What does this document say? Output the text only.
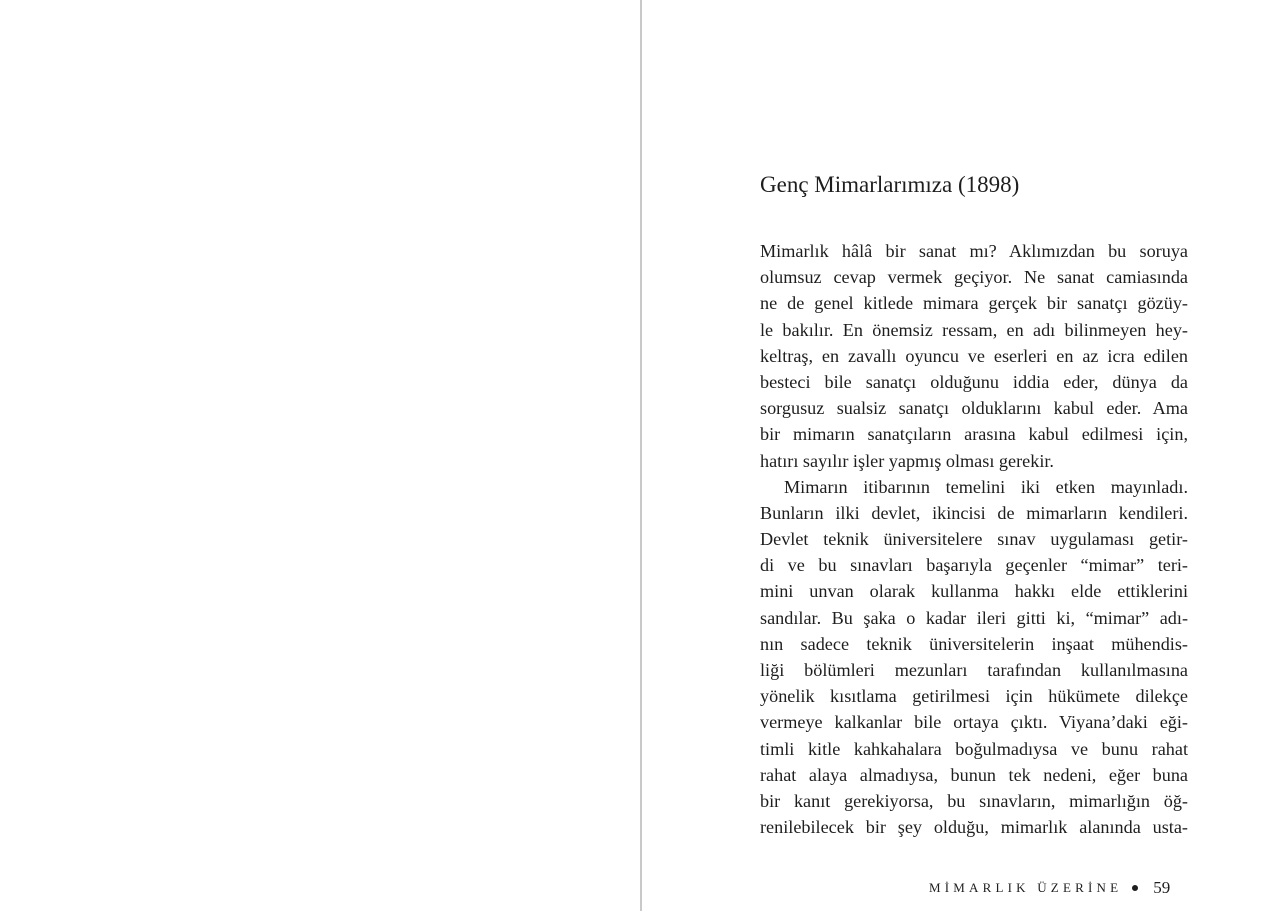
Genç Mimarlarımıza (1898)
Mimarlık hâlâ bir sanat mı? Aklımızdan bu soruya
olumsuz cevap vermek geçiyor. Ne sanat camiasında
ne de genel kitlede mimara gerçek bir sanatçı gözüy-
le bakılır. En önemsiz ressam, en adı bilinmeyen hey-
keltraş, en zavallı oyuncu ve eserleri en az icra edilen
besteci bile sanatçı olduğunu iddia eder, dünya da
sorgusuz sualsiz sanatçı olduklarını kabul eder. Ama
bir mimarın sanatçıların arasına kabul edilmesi için,
hatırı sayılır işler yapmış olması gerekir.
Mimarın itibarının temelini iki etken mayınladı.
Bunların ilki devlet, ikincisi de mimarların kendileri.
Devlet teknik üniversitelere sınav uygulaması getir-
di ve bu sınavları başarıyla geçenler “mimar” teri-
mini unvan olarak kullanma hakkı elde ettiklerini
sandılar. Bu şaka o kadar ileri gitti ki, “mimar” adı-
nın sadece teknik üniversitelerin inşaat mühendis-
liği bölümleri mezunları tarafından kullanılmasına
yönelik kısıtlama getirilmesi için hükümete dilekçe
vermeye kalkanlar bile ortaya çıktı. Viyana’daki eği-
timli kitle kahkahalara boğulmadıysa ve bunu rahat
rahat alaya almadıysa, bunun tek nedeni, eğer buna
bir kanıt gerekiyorsa, bu sınavların, mimarlığın öğ-
renilebilecek bir şey olduğu, mimarlık alanında usta-
MİMARLIK ÜZERİNE 59
